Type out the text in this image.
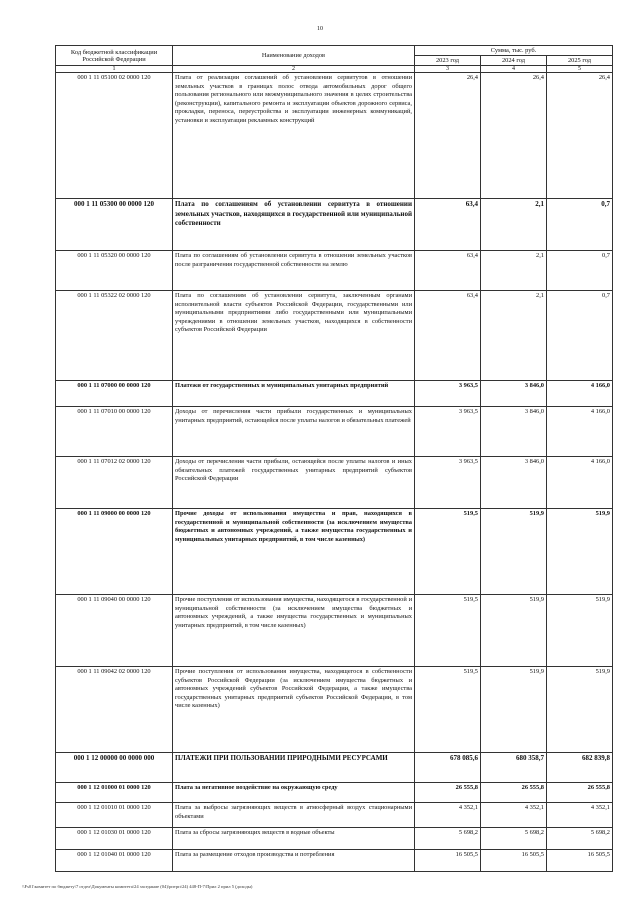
10
Код бюджетной классификации Российской Федерации	Наименование доходов	Сумма, тыс. руб.		
		2023 год	2024 год	2025 год
1	2	3	4	5
000 1 11 05100 02 0000 120	Плата от реализации соглашений об установлении сервитутов в отношении земельных участков в границах полос отвода автомобильных дорог общего пользования регионального или межмуниципального значения в целях строительства (реконструкции), капитального ремонта и эксплуатации объектов дорожного сервиса, прокладки, переноса, переустройства и эксплуатации инженерных коммуникаций, установки и эксплуатации рекламных конструкций	26,4	26,4	26,4
000 1 11 05300 00 0000 120	Плата по соглашениям об установлении сервитута в отношении земельных участков, находящихся в государственной или муниципальной собственности	63,4	2,1	0,7
000 1 11 05320 00 0000 120	Плата по соглашениям об установлении сервитута в отношении земельных участков после разграничения государственной собственности на землю	63,4	2,1	0,7
000 1 11 05322 02 0000 120	Плата по соглашениям об установлении сервитута, заключенным органами исполнительной власти субъектов Российской Федерации, государственными или муниципальными предприятиями либо государственными или муниципальными учреждениями в отношении земельных участков, находящихся в собственности субъектов Российской Федерации	63,4	2,1	0,7
000 1 11 07000 00 0000 120	Платежи от государственных и муниципальных унитарных предприятий	3 963,5	3 846,0	4 166,0
000 1 11 07010 00 0000 120	Доходы от перечисления части прибыли государственных и муниципальных унитарных предприятий, остающейся после уплаты налогов и обязательных платежей	3 963,5	3 846,0	4 166,0
000 1 11 07012 02 0000 120	Доходы от перечисления части прибыли, остающейся после уплаты налогов и иных обязательных платежей государственных унитарных предприятий субъектов Российской Федерации	3 963,5	3 846,0	4 166,0
000 1 11 09000 00 0000 120	Прочие доходы от использования имущества и прав, находящихся в государственной и муниципальной собственности (за исключением имущества бюджетных и автономных учреждений, а также имущества государственных и муниципальных унитарных предприятий, в том числе казенных)	519,5	519,9	519,9
000 1 11 09040 00 0000 120	Прочие поступления от использования имущества, находящегося в государственной и муниципальной собственности (за исключением имущества бюджетных и автономных учреждений, а также имущества государственных и муниципальных унитарных предприятий, в том числе казенных)	519,5	519,9	519,9
000 1 11 09042 02 0000 120	Прочие поступления от использования имущества, находящегося в собственности субъектов Российской Федерации (за исключением имущества бюджетных и автономных учреждений субъектов Российской Федерации, а также имущества государственных унитарных предприятий субъектов Российской Федерации, в том числе казенных)	519,5	519,9	519,9
000 1 12 00000 00 0000 000	ПЛАТЕЖИ ПРИ ПОЛЬЗОВАНИИ ПРИРОДНЫМИ РЕСУРСАМИ	678 085,6	680 358,7	682 839,8
000 1 12 01000 01 0000 120	Плата за негативное воздействие на окружающую среду	26 555,8	26 555,8	26 555,8
000 1 12 01010 01 0000 120	Плата за выбросы загрязняющих веществ в атмосферный воздух стационарными объектами	4 352,1	4 352,1	4 352,1
000 1 12 01030 01 0000 120	Плата за сбросы загрязняющих веществ в водные объекты	5 698,2	5 698,2	5 698,2
000 1 12 01040 01 0000 120	Плата за размещение отходов производства и потребления	16 505,5	16 505,5	16 505,5
\\Fs01\комитет по бюджету\7 отдел\Документы комитета\24 заседание (04)\рптрп\24) 448-П-7\Прил 2 прил 5 (доходы)
